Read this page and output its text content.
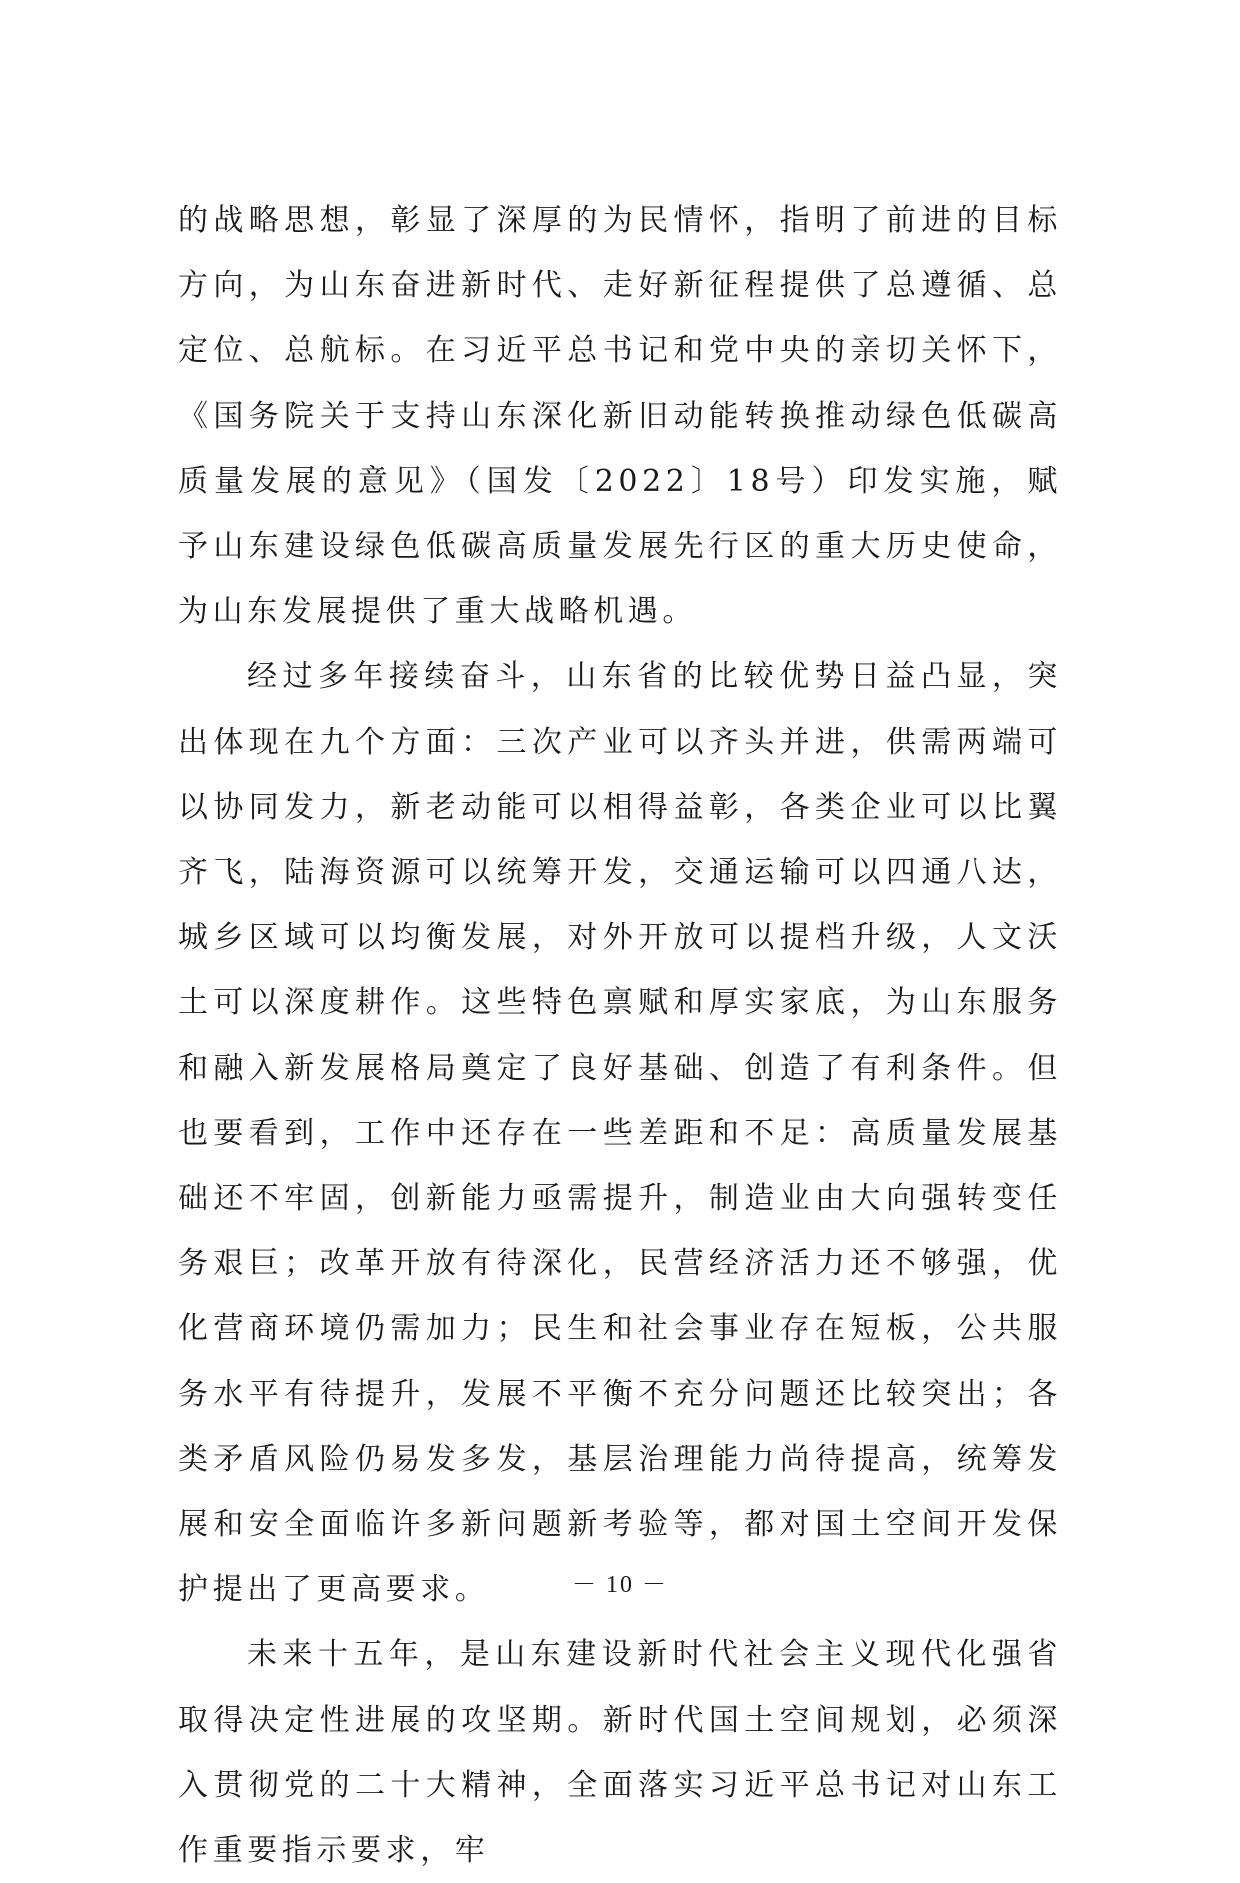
的战略思想，彰显了深厚的为民情怀，指明了前进的目标方向，为山东奋进新时代、走好新征程提供了总遵循、总定位、总航标。在习近平总书记和党中央的亲切关怀下，《国务院关于支持山东深化新旧动能转换推动绿色低碳高质量发展的意见》（国发〔2022〕18号）印发实施，赋予山东建设绿色低碳高质量发展先行区的重大历史使命，为山东发展提供了重大战略机遇。

经过多年接续奋斗，山东省的比较优势日益凸显，突出体现在九个方面：三次产业可以齐头并进，供需两端可以协同发力，新老动能可以相得益彰，各类企业可以比翼齐飞，陆海资源可以统筹开发，交通运输可以四通八达，城乡区域可以均衡发展，对外开放可以提档升级，人文沃土可以深度耕作。这些特色禀赋和厚实家底，为山东服务和融入新发展格局奠定了良好基础、创造了有利条件。但也要看到，工作中还存在一些差距和不足：高质量发展基础还不牢固，创新能力亟需提升，制造业由大向强转变任务艰巨；改革开放有待深化，民营经济活力还不够强，优化营商环境仍需加力；民生和社会事业存在短板，公共服务水平有待提升，发展不平衡不充分问题还比较突出；各类矛盾风险仍易发多发，基层治理能力尚待提高，统筹发展和安全面临许多新问题新考验等，都对国土空间开发保护提出了更高要求。

未来十五年，是山东建设新时代社会主义现代化强省取得决定性进展的攻坚期。新时代国土空间规划，必须深入贯彻党的二十大精神，全面落实习近平总书记对山东工作重要指示要求，牢

－ 10 －
